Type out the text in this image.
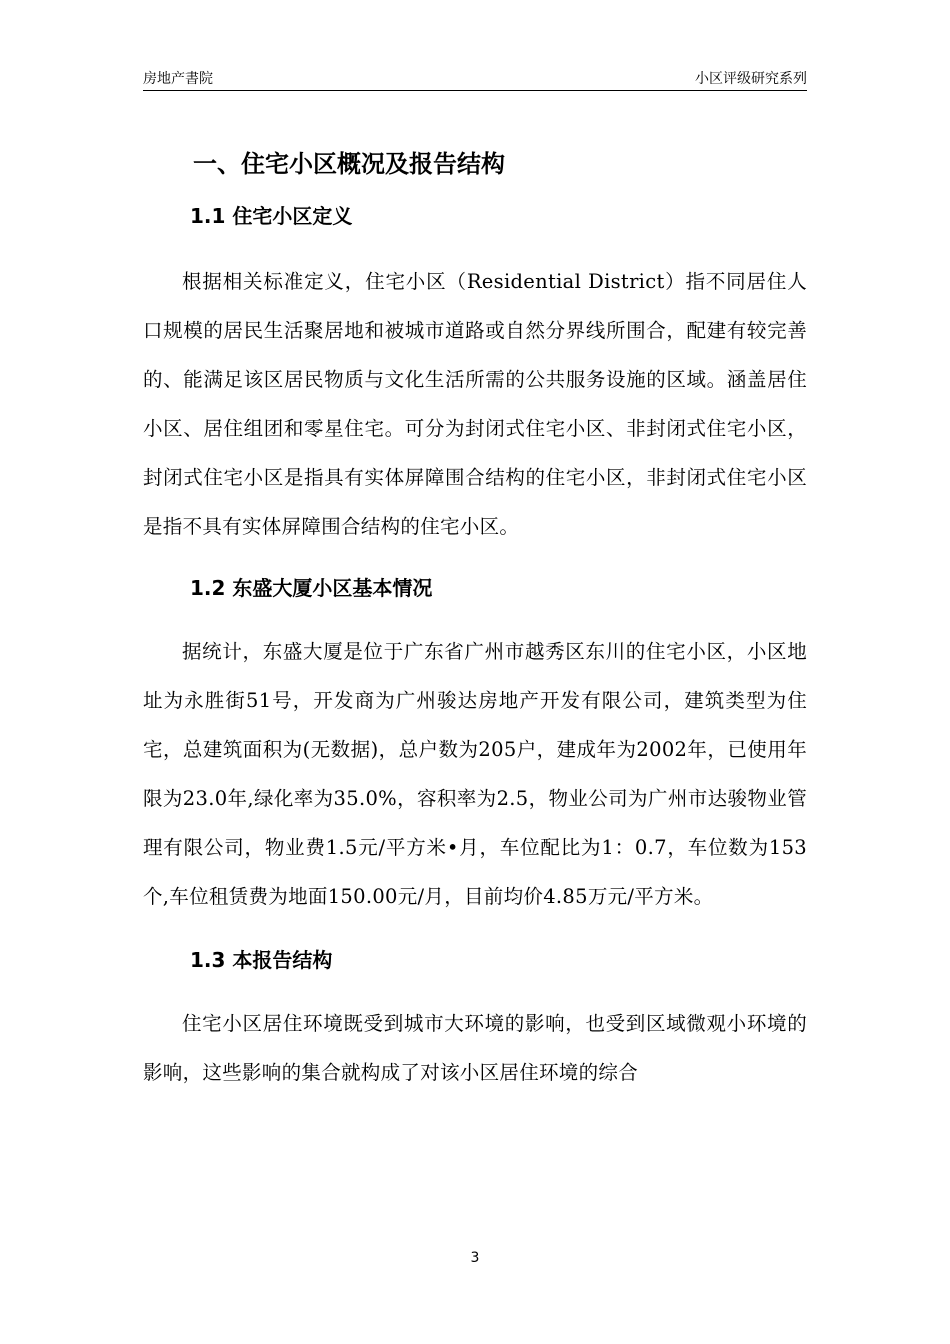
房地产書院	小区评级研究系列
一、住宅小区概况及报告结构
1.1 住宅小区定义

根据相关标准定义，住宅小区（Residential District）指不同居住人口规模的居民生活聚居地和被城市道路或自然分界线所围合，配建有较完善的、能满足该区居民物质与文化生活所需的公共服务设施的区域。涵盖居住小区、居住组团和零星住宅。可分为封闭式住宅小区、非封闭式住宅小区，封闭式住宅小区是指具有实体屏障围合结构的住宅小区，非封闭式住宅小区是指不具有实体屏障围合结构的住宅小区。

1.2 东盛大厦小区基本情况

据统计，东盛大厦是位于广东省广州市越秀区东川的住宅小区，小区地址为永胜街51号，开发商为广州骏达房地产开发有限公司，建筑类型为住宅，总建筑面积为(无数据)，总户数为205户，建成年为2002年，已使用年限为23.0年,绿化率为35.0%，容积率为2.5，物业公司为广州市达骏物业管理有限公司，物业费1.5元/平方米•月，车位配比为1：0.7，车位数为153个,车位租赁费为地面150.00元/月，目前均价4.85万元/平方米。

1.3 本报告结构

住宅小区居住环境既受到城市大环境的影响，也受到区域微观小环境的影响，这些影响的集合就构成了对该小区居住环境的综合

3
